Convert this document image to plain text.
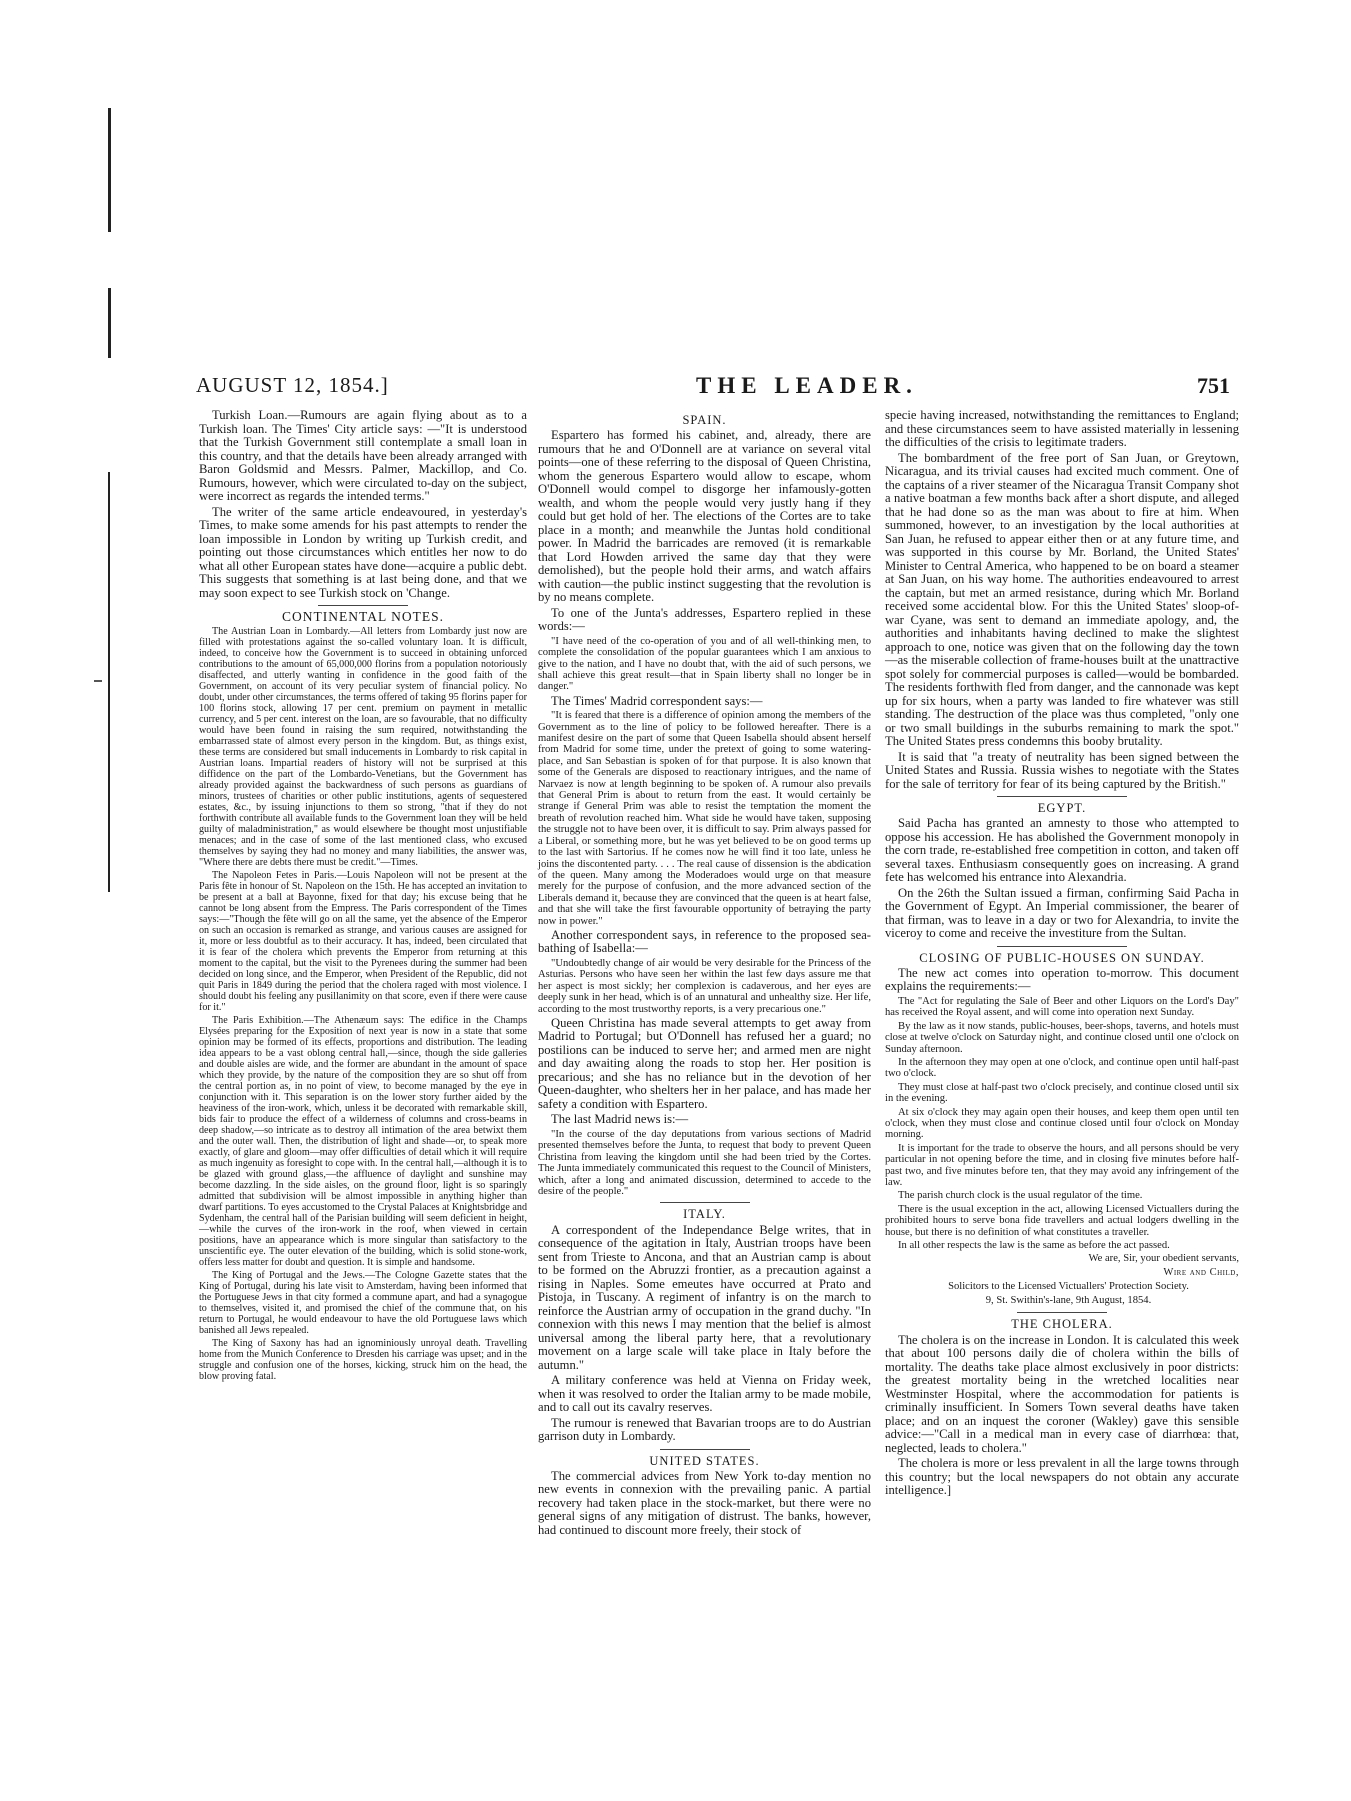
AUGUST 12, 1854.]	THE LEADER.	751

Turkish Loan.—Rumours are again flying about as to a Turkish loan. The Times' City article says: —"It is understood that the Turkish Government still contemplate a small loan in this country, and that the details have been already arranged with Baron Goldsmid and Messrs. Palmer, Mackillop, and Co. Rumours, however, which were circulated to-day on the subject, were incorrect as regards the intended terms."

The writer of the same article endeavoured, in yesterday's Times, to make some amends for his past attempts to render the loan impossible in London by writing up Turkish credit, and pointing out those circumstances which entitles her now to do what all other European states have done—acquire a public debt. This suggests that something is at last being done, and that we may soon expect to see Turkish stock on 'Change.

CONTINENTAL NOTES.

The Austrian Loan in Lombardy.—All letters from Lombardy just now are filled with protestations against the so-called voluntary loan. It is difficult, indeed, to conceive how the Government is to succeed in obtaining unforced contributions to the amount of 65,000,000 florins from a population notoriously disaffected, and utterly wanting in confidence in the good faith of the Government, on account of its very peculiar system of financial policy. No doubt, under other circumstances, the terms offered of taking 95 florins paper for 100 florins stock, allowing 17 per cent. premium on payment in metallic currency, and 5 per cent. interest on the loan, are so favourable, that no difficulty would have been found in raising the sum required, notwithstanding the embarrassed state of almost every person in the kingdom. But, as things exist, these terms are considered but small inducements in Lombardy to risk capital in Austrian loans. Impartial readers of history will not be surprised at this diffidence on the part of the Lombardo-Venetians, but the Government has already provided against the backwardness of such persons as guardians of minors, trustees of charities or other public institutions, agents of sequestered estates, &c., by issuing injunctions to them so strong, "that if they do not forthwith contribute all available funds to the Government loan they will be held guilty of maladministration," as would elsewhere be thought most unjustifiable menaces; and in the case of some of the last mentioned class, who excused themselves by saying they had no money and many liabilities, the answer was, "Where there are debts there must be credit."—Times.

The Napoleon Fetes in Paris.—Louis Napoleon will not be present at the Paris fête in honour of St. Napoleon on the 15th. He has accepted an invitation to be present at a ball at Bayonne, fixed for that day; his excuse being that he cannot be long absent from the Empress. The Paris correspondent of the Times says:—"Though the fête will go on all the same, yet the absence of the Emperor on such an occasion is remarked as strange, and various causes are assigned for it, more or less doubtful as to their accuracy. It has, indeed, been circulated that it is fear of the cholera which prevents the Emperor from returning at this moment to the capital, but the visit to the Pyrenees during the summer had been decided on long since, and the Emperor, when President of the Republic, did not quit Paris in 1849 during the period that the cholera raged with most violence. I should doubt his feeling any pusillanimity on that score, even if there were cause for it."

The Paris Exhibition.—The Athenæum says: The edifice in the Champs Elysées preparing for the Exposition of next year is now in a state that some opinion may be formed of its effects, proportions and distribution. The leading idea appears to be a vast oblong central hall,—since, though the side galleries and double aisles are wide, and the former are abundant in the amount of space which they provide, by the nature of the composition they are so shut off from the central portion as, in no point of view, to become managed by the eye in conjunction with it. This separation is on the lower story further aided by the heaviness of the iron-work, which, unless it be decorated with remarkable skill, bids fair to produce the effect of a wilderness of columns and cross-beams in deep shadow,—so intricate as to destroy all intimation of the area betwixt them and the outer wall. Then, the distribution of light and shade—or, to speak more exactly, of glare and gloom—may offer difficulties of detail which it will require as much ingenuity as foresight to cope with. In the central hall,—although it is to be glazed with ground glass,—the affluence of daylight and sunshine may become dazzling. In the side aisles, on the ground floor, light is so sparingly admitted that subdivision will be almost impossible in anything higher than dwarf partitions. To eyes accustomed to the Crystal Palaces at Knightsbridge and Sydenham, the central hall of the Parisian building will seem deficient in height,—while the curves of the iron-work in the roof, when viewed in certain positions, have an appearance which is more singular than satisfactory to the unscientific eye. The outer elevation of the building, which is solid stone-work, offers less matter for doubt and question. It is simple and handsome.

The King of Portugal and the Jews.—The Cologne Gazette states that the King of Portugal, during his late visit to Amsterdam, having been informed that the Portuguese Jews in that city formed a commune apart, and had a synagogue to themselves, visited it, and promised the chief of the commune that, on his return to Portugal, he would endeavour to have the old Portuguese laws which banished all Jews repealed.

The King of Saxony has had an ignominiously unroyal death. Travelling home from the Munich Conference to Dresden his carriage was upset; and in the struggle and confusion one of the horses, kicking, struck him on the head, the blow proving fatal.

SPAIN.

Espartero has formed his cabinet, and, already, there are rumours that he and O'Donnell are at variance on several vital points—one of these referring to the disposal of Queen Christina, whom the generous Espartero would allow to escape, whom O'Donnell would compel to disgorge her infamously-gotten wealth, and whom the people would very justly hang if they could but get hold of her. The elections of the Cortes are to take place in a month; and meanwhile the Juntas hold conditional power. In Madrid the barricades are removed (it is remarkable that Lord Howden arrived the same day that they were demolished), but the people hold their arms, and watch affairs with caution—the public instinct suggesting that the revolution is by no means complete.

To one of the Junta's addresses, Espartero replied in these words:—

"I have need of the co-operation of you and of all well-thinking men, to complete the consolidation of the popular guarantees which I am anxious to give to the nation, and I have no doubt that, with the aid of such persons, we shall achieve this great result—that in Spain liberty shall no longer be in danger."

The Times' Madrid correspondent says:—

"It is feared that there is a difference of opinion among the members of the Government as to the line of policy to be followed hereafter. There is a manifest desire on the part of some that Queen Isabella should absent herself from Madrid for some time, under the pretext of going to some watering-place, and San Sebastian is spoken of for that purpose. It is also known that some of the Generals are disposed to reactionary intrigues, and the name of Narvaez is now at length beginning to be spoken of. A rumour also prevails that General Prim is about to return from the east. It would certainly be strange if General Prim was able to resist the temptation the moment the breath of revolution reached him. What side he would have taken, supposing the struggle not to have been over, it is difficult to say. Prim always passed for a Liberal, or something more, but he was yet believed to be on good terms up to the last with Sartorius. If he comes now he will find it too late, unless he joins the discontented party. . . . The real cause of dissension is the abdication of the queen. Many among the Moderadoes would urge on that measure merely for the purpose of confusion, and the more advanced section of the Liberals demand it, because they are convinced that the queen is at heart false, and that she will take the first favourable opportunity of betraying the party now in power."

Another correspondent says, in reference to the proposed sea-bathing of Isabella:—

"Undoubtedly change of air would be very desirable for the Princess of the Asturias. Persons who have seen her within the last few days assure me that her aspect is most sickly; her complexion is cadaverous, and her eyes are deeply sunk in her head, which is of an unnatural and unhealthy size. Her life, according to the most trustworthy reports, is a very precarious one."

Queen Christina has made several attempts to get away from Madrid to Portugal; but O'Donnell has refused her a guard; no postilions can be induced to serve her; and armed men are night and day awaiting along the roads to stop her. Her position is precarious; and she has no reliance but in the devotion of her Queen-daughter, who shelters her in her palace, and has made her safety a condition with Espartero.

The last Madrid news is:—

"In the course of the day deputations from various sections of Madrid presented themselves before the Junta, to request that body to prevent Queen Christina from leaving the kingdom until she had been tried by the Cortes. The Junta immediately communicated this request to the Council of Ministers, which, after a long and animated discussion, determined to accede to the desire of the people."

ITALY.

A correspondent of the Independance Belge writes, that in consequence of the agitation in Italy, Austrian troops have been sent from Trieste to Ancona, and that an Austrian camp is about to be formed on the Abruzzi frontier, as a precaution against a rising in Naples. Some emeutes have occurred at Prato and Pistoja, in Tuscany. A regiment of infantry is on the march to reinforce the Austrian army of occupation in the grand duchy. "In connexion with this news I may mention that the belief is almost universal among the liberal party here, that a revolutionary movement on a large scale will take place in Italy before the autumn."

A military conference was held at Vienna on Friday week, when it was resolved to order the Italian army to be made mobile, and to call out its cavalry reserves.

The rumour is renewed that Bavarian troops are to do Austrian garrison duty in Lombardy.

UNITED STATES.

The commercial advices from New York to-day mention no new events in connexion with the prevailing panic. A partial recovery had taken place in the stock-market, but there were no general signs of any mitigation of distrust. The banks, however, had continued to discount more freely, their stock of

specie having increased, notwithstanding the remittances to England; and these circumstances seem to have assisted materially in lessening the difficulties of the crisis to legitimate traders.

The bombardment of the free port of San Juan, or Greytown, Nicaragua, and its trivial causes had excited much comment. One of the captains of a river steamer of the Nicaragua Transit Company shot a native boatman a few months back after a short dispute, and alleged that he had done so as the man was about to fire at him. When summoned, however, to an investigation by the local authorities at San Juan, he refused to appear either then or at any future time, and was supported in this course by Mr. Borland, the United States' Minister to Central America, who happened to be on board a steamer at San Juan, on his way home. The authorities endeavoured to arrest the captain, but met an armed resistance, during which Mr. Borland received some accidental blow. For this the United States' sloop-of-war Cyane, was sent to demand an immediate apology, and, the authorities and inhabitants having declined to make the slightest approach to one, notice was given that on the following day the town—as the miserable collection of frame-houses built at the unattractive spot solely for commercial purposes is called—would be bombarded. The residents forthwith fled from danger, and the cannonade was kept up for six hours, when a party was landed to fire whatever was still standing. The destruction of the place was thus completed, "only one or two small buildings in the suburbs remaining to mark the spot." The United States press condemns this booby brutality.

It is said that "a treaty of neutrality has been signed between the United States and Russia. Russia wishes to negotiate with the States for the sale of territory for fear of its being captured by the British."

EGYPT.

Said Pacha has granted an amnesty to those who attempted to oppose his accession. He has abolished the Government monopoly in the corn trade, re-established free competition in cotton, and taken off several taxes. Enthusiasm consequently goes on increasing. A grand fete has welcomed his entrance into Alexandria.

On the 26th the Sultan issued a firman, confirming Said Pacha in the Government of Egypt. An Imperial commissioner, the bearer of that firman, was to leave in a day or two for Alexandria, to invite the viceroy to come and receive the investiture from the Sultan.

CLOSING OF PUBLIC-HOUSES ON SUNDAY.

The new act comes into operation to-morrow. This document explains the requirements:—

The "Act for regulating the Sale of Beer and other Liquors on the Lord's Day" has received the Royal assent, and will come into operation next Sunday.

By the law as it now stands, public-houses, beer-shops, taverns, and hotels must close at twelve o'clock on Saturday night, and continue closed until one o'clock on Sunday afternoon.

In the afternoon they may open at one o'clock, and continue open until half-past two o'clock.

They must close at half-past two o'clock precisely, and continue closed until six in the evening.

At six o'clock they may again open their houses, and keep them open until ten o'clock, when they must close and continue closed until four o'clock on Monday morning.

It is important for the trade to observe the hours, and all persons should be very particular in not opening before the time, and in closing five minutes before half-past two, and five minutes before ten, that they may avoid any infringement of the law.

The parish church clock is the usual regulator of the time.

There is the usual exception in the act, allowing Licensed Victuallers during the prohibited hours to serve bona fide travellers and actual lodgers dwelling in the house, but there is no definition of what constitutes a traveller.

In all other respects the law is the same as before the act passed.

We are, Sir, your obedient servants,

Wire and Child,

Solicitors to the Licensed Victuallers' Protection Society.

9, St. Swithin's-lane, 9th August, 1854.

THE CHOLERA.

The cholera is on the increase in London. It is calculated this week that about 100 persons daily die of cholera within the bills of mortality. The deaths take place almost exclusively in poor districts: the greatest mortality being in the wretched localities near Westminster Hospital, where the accommodation for patients is criminally insufficient. In Somers Town several deaths have taken place; and on an inquest the coroner (Wakley) gave this sensible advice:—"Call in a medical man in every case of diarrhœa: that, neglected, leads to cholera."

The cholera is more or less prevalent in all the large towns through this country; but the local newspapers do not obtain any accurate intelligence.]
